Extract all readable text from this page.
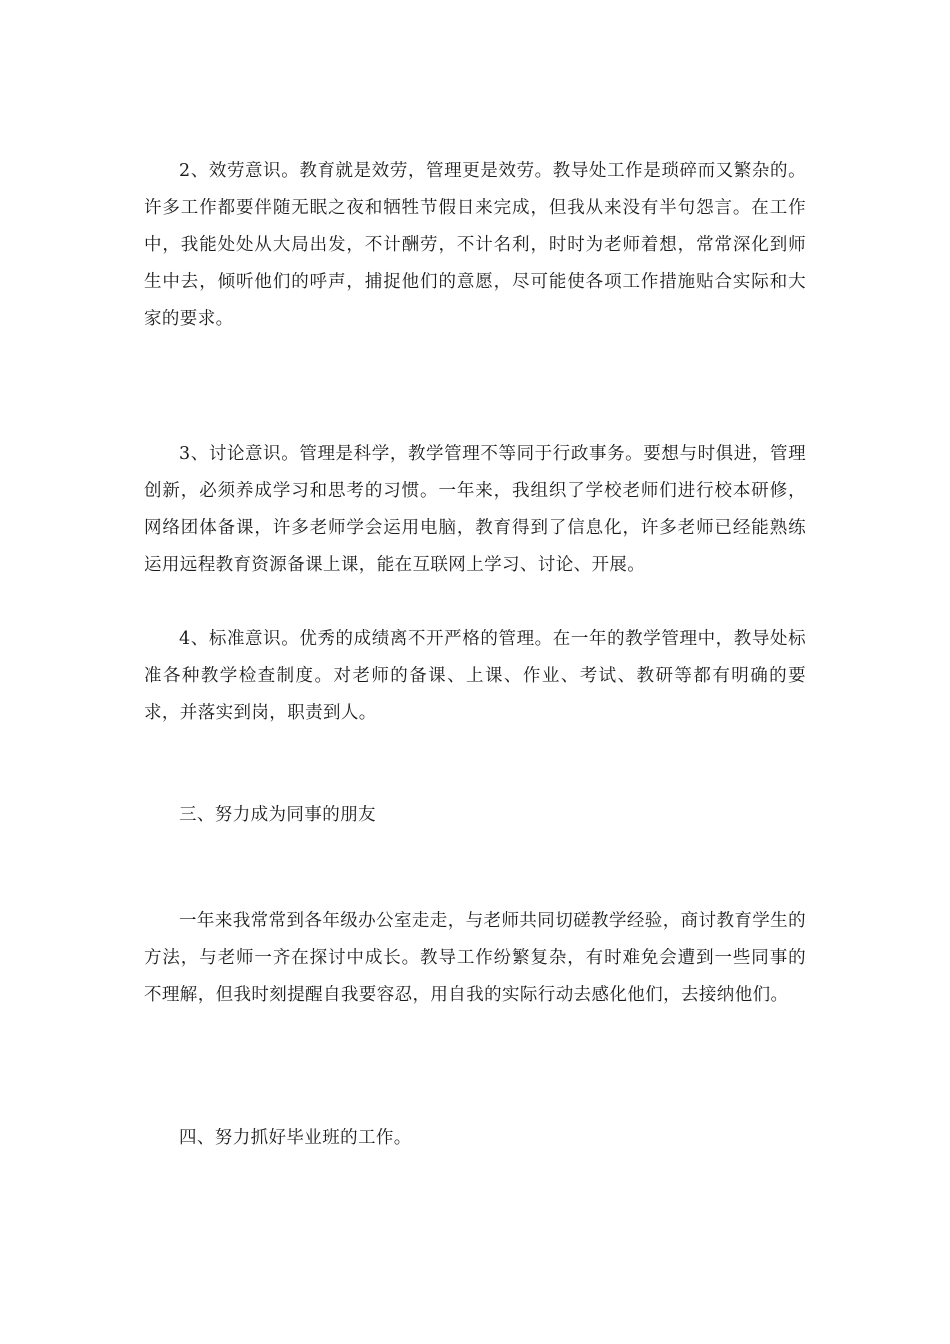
2、效劳意识。教育就是效劳，管理更是效劳。教导处工作是琐碎而又繁杂的。许多工作都要伴随无眠之夜和牺牲节假日来完成，但我从来没有半句怨言。在工作中，我能处处从大局出发，不计酬劳，不计名利，时时为老师着想，常常深化到师生中去，倾听他们的呼声，捕捉他们的意愿，尽可能使各项工作措施贴合实际和大家的要求。

3、讨论意识。管理是科学，教学管理不等同于行政事务。要想与时俱进，管理创新，必须养成学习和思考的习惯。一年来，我组织了学校老师们进行校本研修，网络团体备课，许多老师学会运用电脑，教育得到了信息化，许多老师已经能熟练运用远程教育资源备课上课，能在互联网上学习、讨论、开展。

4、标准意识。优秀的成绩离不开严格的管理。在一年的教学管理中，教导处标准各种教学检查制度。对老师的备课、上课、作业、考试、教研等都有明确的要求，并落实到岗，职责到人。

三、努力成为同事的朋友

一年来我常常到各年级办公室走走，与老师共同切磋教学经验，商讨教育学生的方法，与老师一齐在探讨中成长。教导工作纷繁复杂，有时难免会遭到一些同事的不理解，但我时刻提醒自我要容忍，用自我的实际行动去感化他们，去接纳他们。

四、努力抓好毕业班的工作。
